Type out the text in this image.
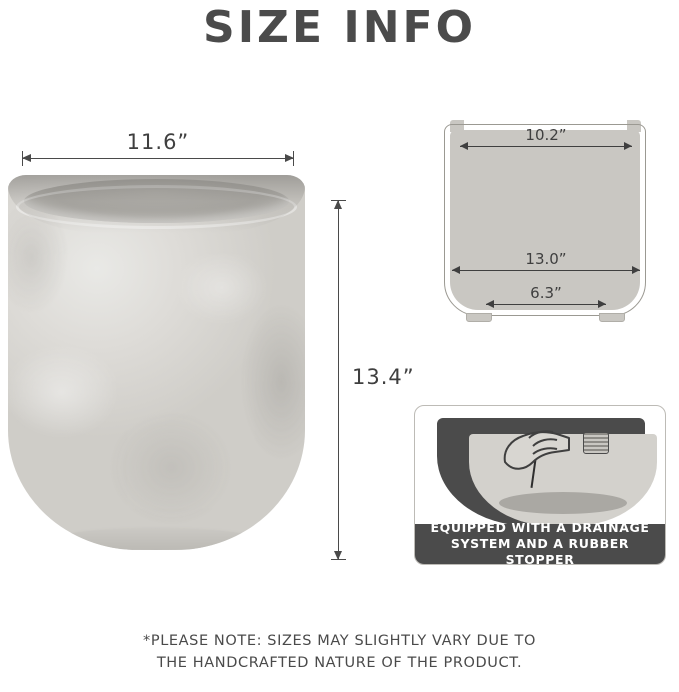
SIZE INFO
11.6”
13.4”
10.2”
13.0”
6.3”
EQUIPPED WITH A DRAINAGE
SYSTEM AND A RUBBER STOPPER
*PLEASE NOTE: SIZES MAY SLIGHTLY VARY DUE TO
THE HANDCRAFTED NATURE OF THE PRODUCT.
